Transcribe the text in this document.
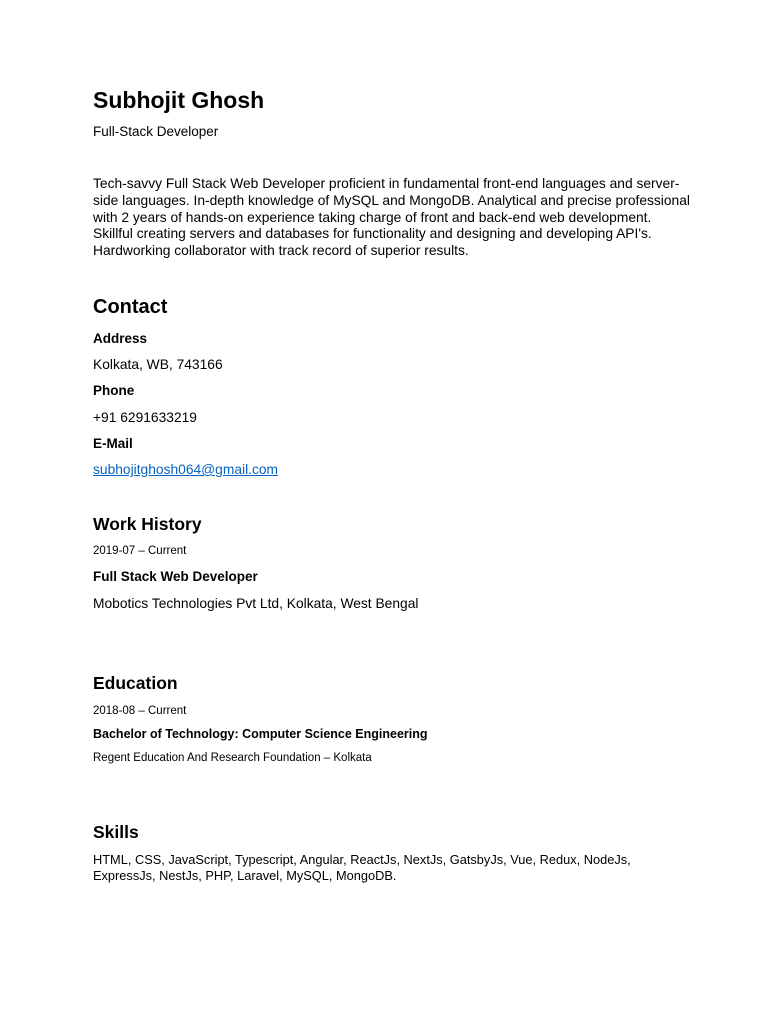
Subhojit Ghosh
Full-Stack Developer

Tech-savvy Full Stack Web Developer proficient in fundamental front-end languages and server-side languages. In-depth knowledge of MySQL and MongoDB. Analytical and precise professional with 2 years of hands-on experience taking charge of front and back-end web development. Skillful creating servers and databases for functionality and designing and developing API's. Hardworking collaborator with track record of superior results.

Contact
Address
Kolkata, WB, 743166
Phone
+91 6291633219
E-Mail
subhojitghosh064@gmail.com
Work History
2019-07 – Current
Full Stack Web Developer
Mobotics Technologies Pvt Ltd, Kolkata, West Bengal
Education
2018-08 – Current
Bachelor of Technology: Computer Science Engineering
Regent Education And Research Foundation – Kolkata
Skills

HTML, CSS, JavaScript, Typescript, Angular, ReactJs, NextJs, GatsbyJs, Vue, Redux, NodeJs, ExpressJs, NestJs, PHP, Laravel, MySQL, MongoDB.
